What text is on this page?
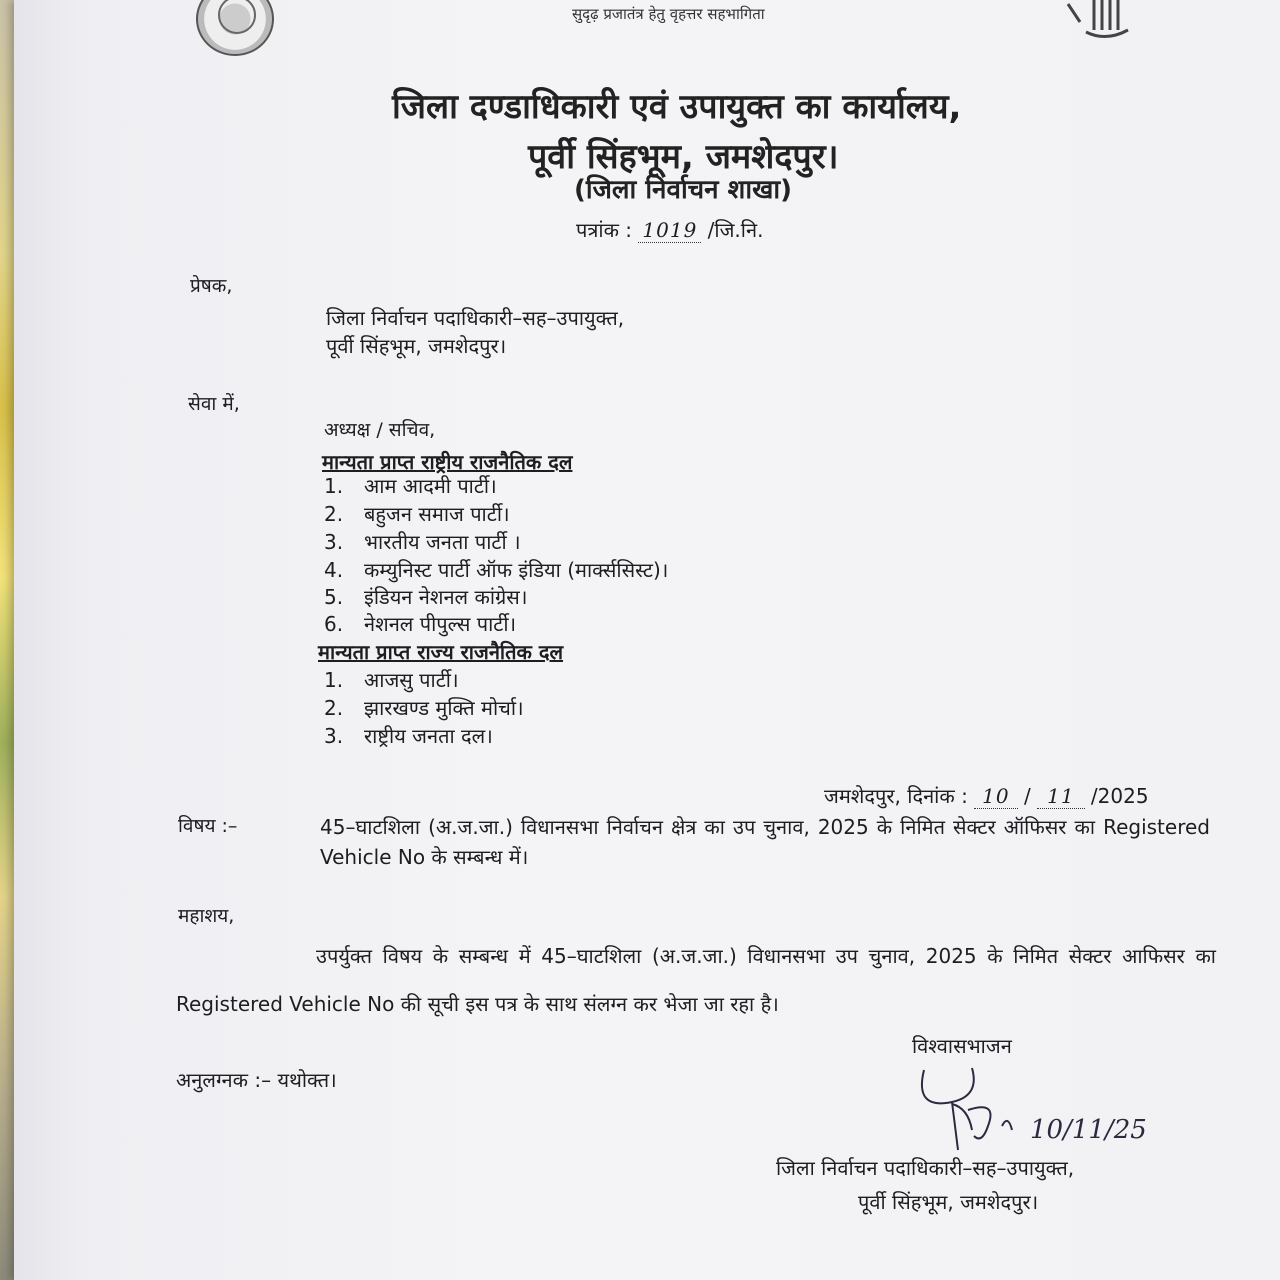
सुदृढ़ प्रजातंत्र हेतु वृहत्तर सहभागिता
जिला दण्डाधिकारी एवं उपायुक्त का कार्यालय,
पूर्वी सिंहभूम, जमशेदपुर।
(जिला निर्वाचन शाखा)
पत्रांक : 1019 /जि.नि.
प्रेषक,
जिला निर्वाचन पदाधिकारी–सह–उपायुक्त,
पूर्वी सिंहभूम, जमशेदपुर।
सेवा में,
अध्यक्ष / सचिव,
मान्यता प्राप्त राष्ट्रीय राजनैतिक दल
1. आम आदमी पार्टी।
2. बहुजन समाज पार्टी।
3. भारतीय जनता पार्टी ।
4. कम्युनिस्ट पार्टी ऑफ इंडिया (मार्क्ससिस्ट)।
5. इंडियन नेशनल कांग्रेस।
6. नेशनल पीपुल्स पार्टी।
मान्यता प्राप्त राज्य राजनैतिक दल
1. आजसु पार्टी।
2. झारखण्ड मुक्ति मोर्चा।
3. राष्ट्रीय जनता दल।
जमशेदपुर, दिनांक : 10 / 11 /2025
विषय :–	45–घाटशिला (अ.ज.जा.) विधानसभा निर्वाचन क्षेत्र का उप चुनाव, 2025 के निमित सेक्टर ऑफिसर का Registered Vehicle No के सम्बन्ध में।
महाशय,
उपर्युक्त विषय के सम्बन्ध में 45–घाटशिला (अ.ज.जा.) विधानसभा उप चुनाव, 2025 के निमित सेक्टर आफिसर का Registered Vehicle No की सूची इस पत्र के साथ संलग्न कर भेजा जा रहा है।
विश्वासभाजन
अनुलग्नक :– यथोक्त।
10/11/25
जिला निर्वाचन पदाधिकारी–सह–उपायुक्त,
पूर्वी सिंहभूम, जमशेदपुर।
